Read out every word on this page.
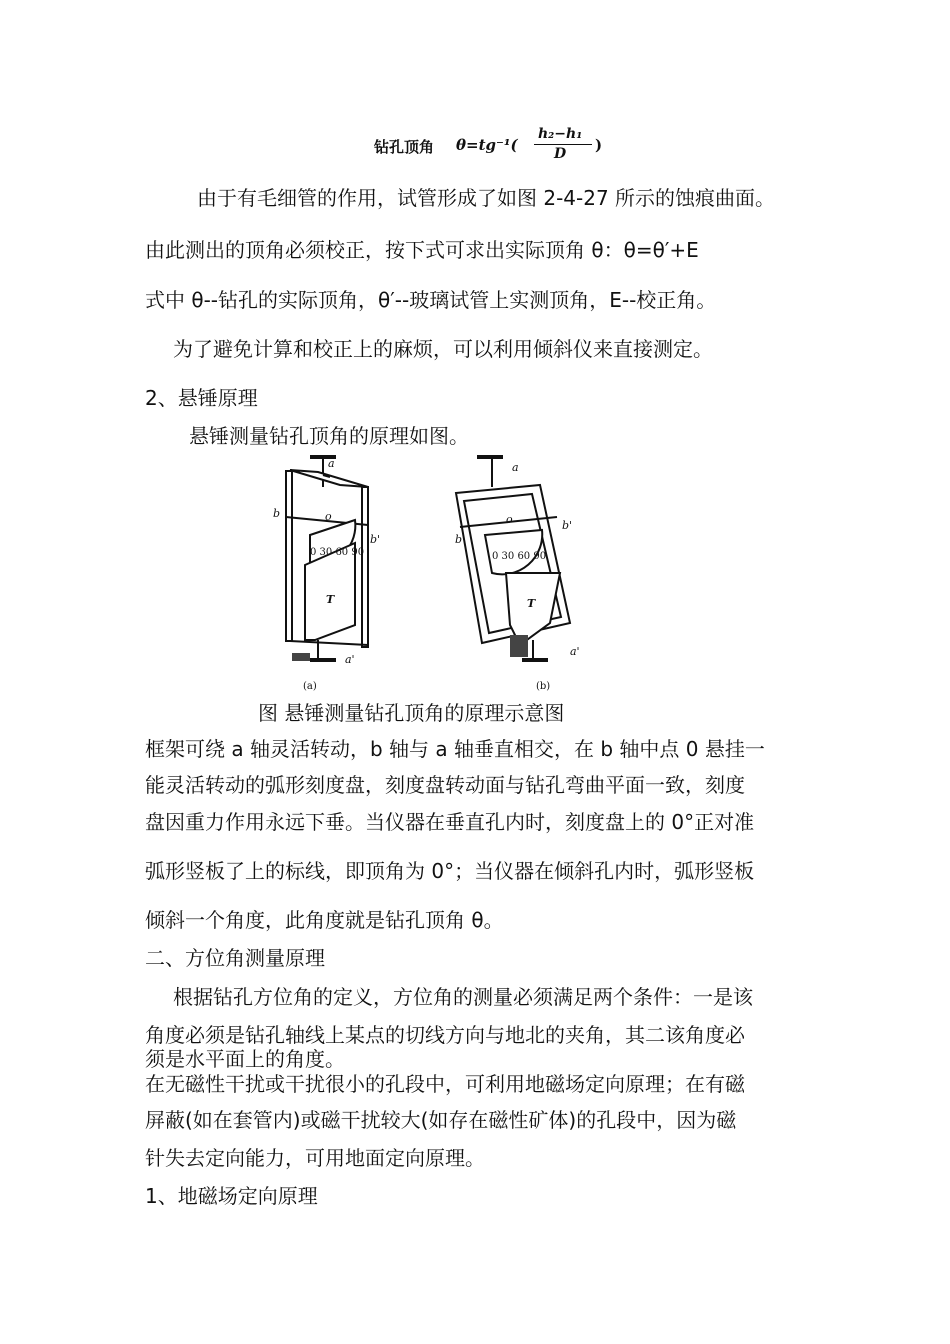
钻孔顶角 θ=tg⁻¹(
h₂−h₁
D )
由于有毛细管的作用，试管形成了如图 2-4-27 所示的蚀痕曲面。
由此测出的顶角必须校正，按下式可求出实际顶角 θ：θ=θ′+E
式中 θ--钻孔的实际顶角，θ′--玻璃试管上实测顶角，E--校正角。
为了避免计算和校正上的麻烦，可以利用倾斜仪来直接测定。
2、悬锤原理
悬锤测量钻孔顶角的原理如图。
a
a'
b
b'
o
T
0 30 60 90
(a)
a
a'
b
b'
o
T
0 30 60 90
(b)
图 悬锤测量钻孔顶角的原理示意图
框架可绕 a 轴灵活转动，b 轴与 a 轴垂直相交，在 b 轴中点 0 悬挂一
能灵活转动的弧形刻度盘，刻度盘转动面与钻孔弯曲平面一致，刻度
盘因重力作用永远下垂。当仪器在垂直孔内时，刻度盘上的 0°正对准
弧形竖板了上的标线，即顶角为 0°；当仪器在倾斜孔内时，弧形竖板
倾斜一个角度，此角度就是钻孔顶角 θ。
二、方位角测量原理
根据钻孔方位角的定义，方位角的测量必须满足两个条件：一是该
角度必须是钻孔轴线上某点的切线方向与地北的夹角，其二该角度必
须是水平面上的角度。
在无磁性干扰或干扰很小的孔段中，可利用地磁场定向原理；在有磁
屏蔽(如在套管内)或磁干扰较大(如存在磁性矿体)的孔段中，因为磁
针失去定向能力，可用地面定向原理。
1、地磁场定向原理
